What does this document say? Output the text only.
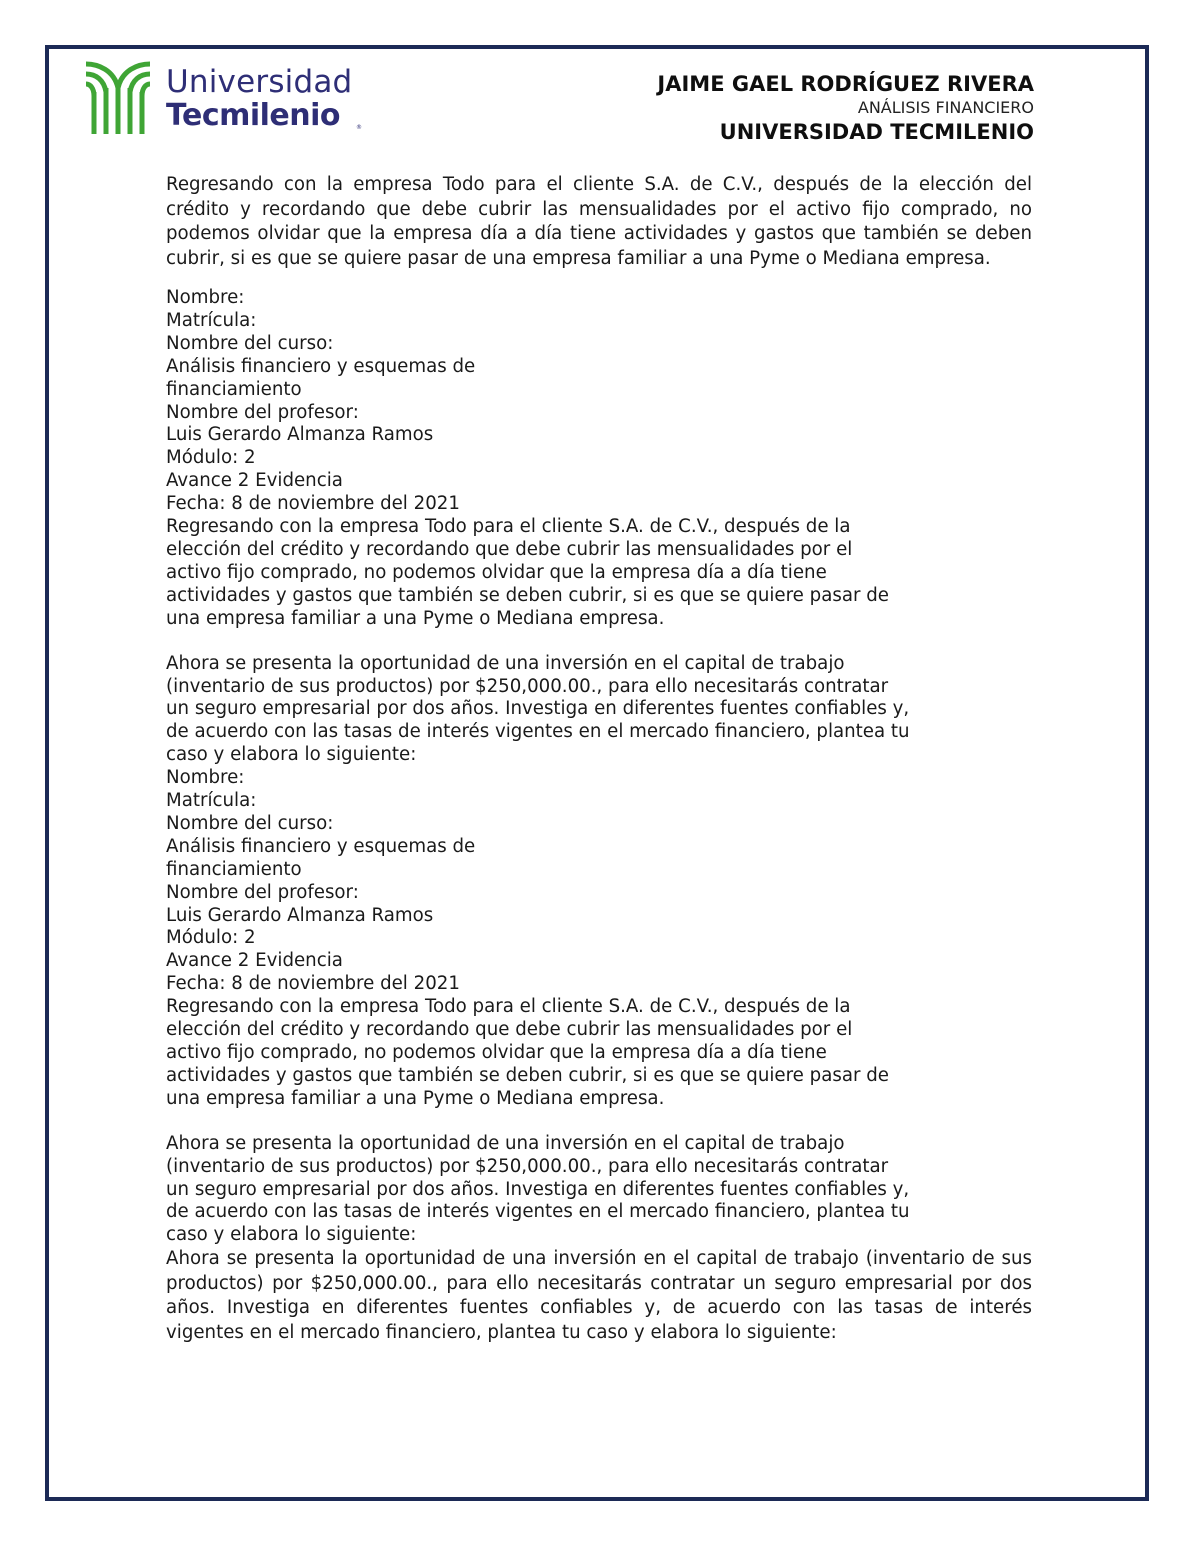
Universidad
Tecmilenio	®
JAIME GAEL RODRÍGUEZ RIVERA
ANÁLISIS FINANCIERO
UNIVERSIDAD TECMILENIO

Regresando con la empresa Todo para el cliente S.A. de C.V., después de la elección del crédito y recordando que debe cubrir las mensualidades por el activo fijo comprado, no podemos olvidar que la empresa día a día tiene actividades y gastos que también se deben cubrir, si es que se quiere pasar de una empresa familiar a una Pyme o Mediana empresa.

Nombre:
Matrícula:
Nombre del curso:
Análisis financiero y esquemas de
financiamiento
Nombre del profesor:
Luis Gerardo Almanza Ramos
Módulo: 2
Avance 2 Evidencia
Fecha: 8 de noviembre del 2021
Regresando con la empresa Todo para el cliente S.A. de C.V., después de la
elección del crédito y recordando que debe cubrir las mensualidades por el
activo fijo comprado, no podemos olvidar que la empresa día a día tiene
actividades y gastos que también se deben cubrir, si es que se quiere pasar de
una empresa familiar a una Pyme o Mediana empresa.
Ahora se presenta la oportunidad de una inversión en el capital de trabajo
(inventario de sus productos) por $250,000.00., para ello necesitarás contratar
un seguro empresarial por dos años. Investiga en diferentes fuentes confiables y,
de acuerdo con las tasas de interés vigentes en el mercado financiero, plantea tu
caso y elabora lo siguiente:
Nombre:
Matrícula:
Nombre del curso:
Análisis financiero y esquemas de
financiamiento
Nombre del profesor:
Luis Gerardo Almanza Ramos
Módulo: 2
Avance 2 Evidencia
Fecha: 8 de noviembre del 2021
Regresando con la empresa Todo para el cliente S.A. de C.V., después de la
elección del crédito y recordando que debe cubrir las mensualidades por el
activo fijo comprado, no podemos olvidar que la empresa día a día tiene
actividades y gastos que también se deben cubrir, si es que se quiere pasar de
una empresa familiar a una Pyme o Mediana empresa.
Ahora se presenta la oportunidad de una inversión en el capital de trabajo
(inventario de sus productos) por $250,000.00., para ello necesitarás contratar
un seguro empresarial por dos años. Investiga en diferentes fuentes confiables y,
de acuerdo con las tasas de interés vigentes en el mercado financiero, plantea tu
caso y elabora lo siguiente:

Ahora se presenta la oportunidad de una inversión en el capital de trabajo (inventario de sus productos) por $250,000.00., para ello necesitarás contratar un seguro empresarial por dos años. Investiga en diferentes fuentes confiables y, de acuerdo con las tasas de interés vigentes en el mercado financiero, plantea tu caso y elabora lo siguiente:
